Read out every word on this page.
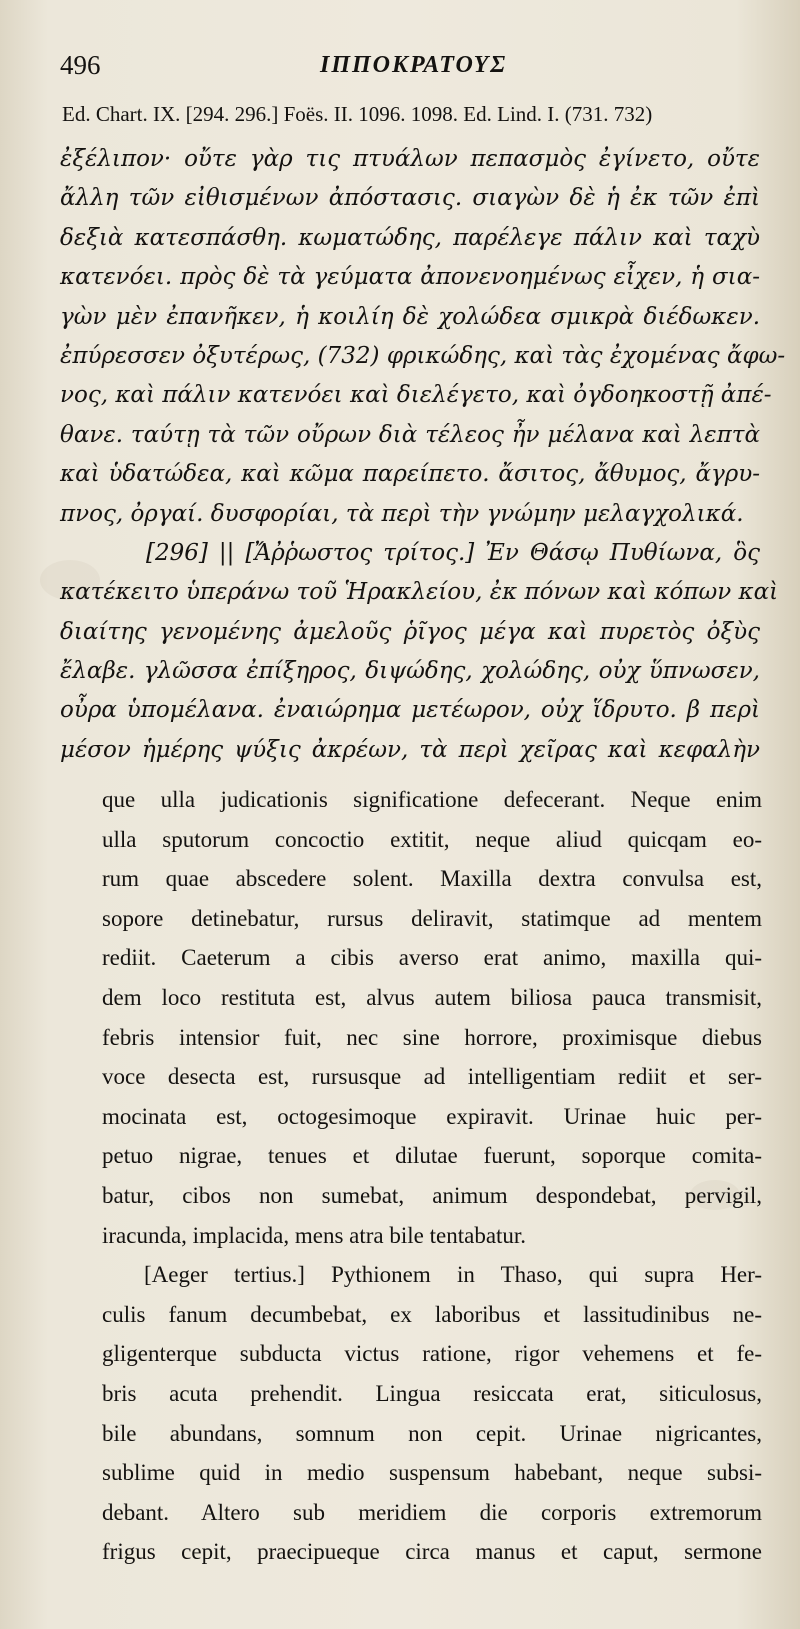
496	ΙΠΠΟΚΡΑΤΟΥΣ
Ed. Chart. IX. [294. 296.] Foës. II. 1096. 1098. Ed. Lind. I. (731. 732)
ἐξέλιπον· οὔτε γὰρ τις πτυάλων πεπασμὸς ἐγίνετο, οὔτε
ἄλλη τῶν εἰθισμένων ἀπόστασις. σιαγὼν δὲ ἡ ἐκ τῶν ἐπὶ
δεξιὰ κατεσπάσθη. κωματώδης, παρέλεγε πάλιν καὶ ταχὺ
κατενόει. πρὸς δὲ τὰ γεύματα ἀπονενοημένως εἶχεν, ἡ σια-
γὼν μὲν ἐπανῆκεν, ἡ κοιλίη δὲ χολώδεα σμικρὰ διέδωκεν.
ἐπύρεσσεν ὀξυτέρως, (732) φρικώδης, καὶ τὰς ἐχομένας ἄφω-
νος, καὶ πάλιν κατενόει καὶ διελέγετο, καὶ ὀγδοηκοστῇ ἀπέ-
θανε. ταύτῃ τὰ τῶν οὔρων διὰ τέλεος ἦν μέλανα καὶ λεπτὰ
καὶ ὑδατώδεα, καὶ κῶμα παρείπετο. ἄσιτος, ἄθυμος, ἄγρυ-
πνος, ὀργαί. δυσφορίαι, τὰ περὶ τὴν γνώμην μελαγχολικά.
[296] || [Ἄῤῥωστος τρίτος.] Ἐν Θάσῳ Πυθίωνα, ὃς
κατέκειτο ὑπεράνω τοῦ Ἡρακλείου, ἐκ πόνων καὶ κόπων καὶ
διαίτης γενομένης ἀμελοῦς ῥῖγος μέγα καὶ πυρετὸς ὀξὺς
ἔλαβε. γλῶσσα ἐπίξηρος, διψώδης, χολώδης, οὐχ ὕπνωσεν,
οὖρα ὑπομέλανα. ἐναιώρημα μετέωρον, οὐχ ἵδρυτο. β περὶ
μέσον ἡμέρης ψύξις ἀκρέων, τὰ περὶ χεῖρας καὶ κεφαλὴν
que ulla judicationis significatione defecerant. Neque enim
ulla sputorum concoctio extitit, neque aliud quicqam eo-
rum quae abscedere solent. Maxilla dextra convulsa est,
sopore detinebatur, rursus deliravit, statimque ad mentem
rediit. Caeterum a cibis averso erat animo, maxilla qui-
dem loco restituta est, alvus autem biliosa pauca transmisit,
febris intensior fuit, nec sine horrore, proximisque diebus
voce desecta est, rursusque ad intelligentiam rediit et ser-
mocinata est, octogesimoque expiravit. Urinae huic per-
petuo nigrae, tenues et dilutae fuerunt, soporque comita-
batur, cibos non sumebat, animum despondebat, pervigil,
iracunda, implacida, mens atra bile tentabatur.
[Aeger tertius.] Pythionem in Thaso, qui supra Her-
culis fanum decumbebat, ex laboribus et lassitudinibus ne-
gligenterque subducta victus ratione, rigor vehemens et fe-
bris acuta prehendit. Lingua resiccata erat, siticulosus,
bile abundans, somnum non cepit. Urinae nigricantes,
sublime quid in medio suspensum habebant, neque subsi-
debant. Altero sub meridiem die corporis extremorum
frigus cepit, praecipueque circa manus et caput, sermone
